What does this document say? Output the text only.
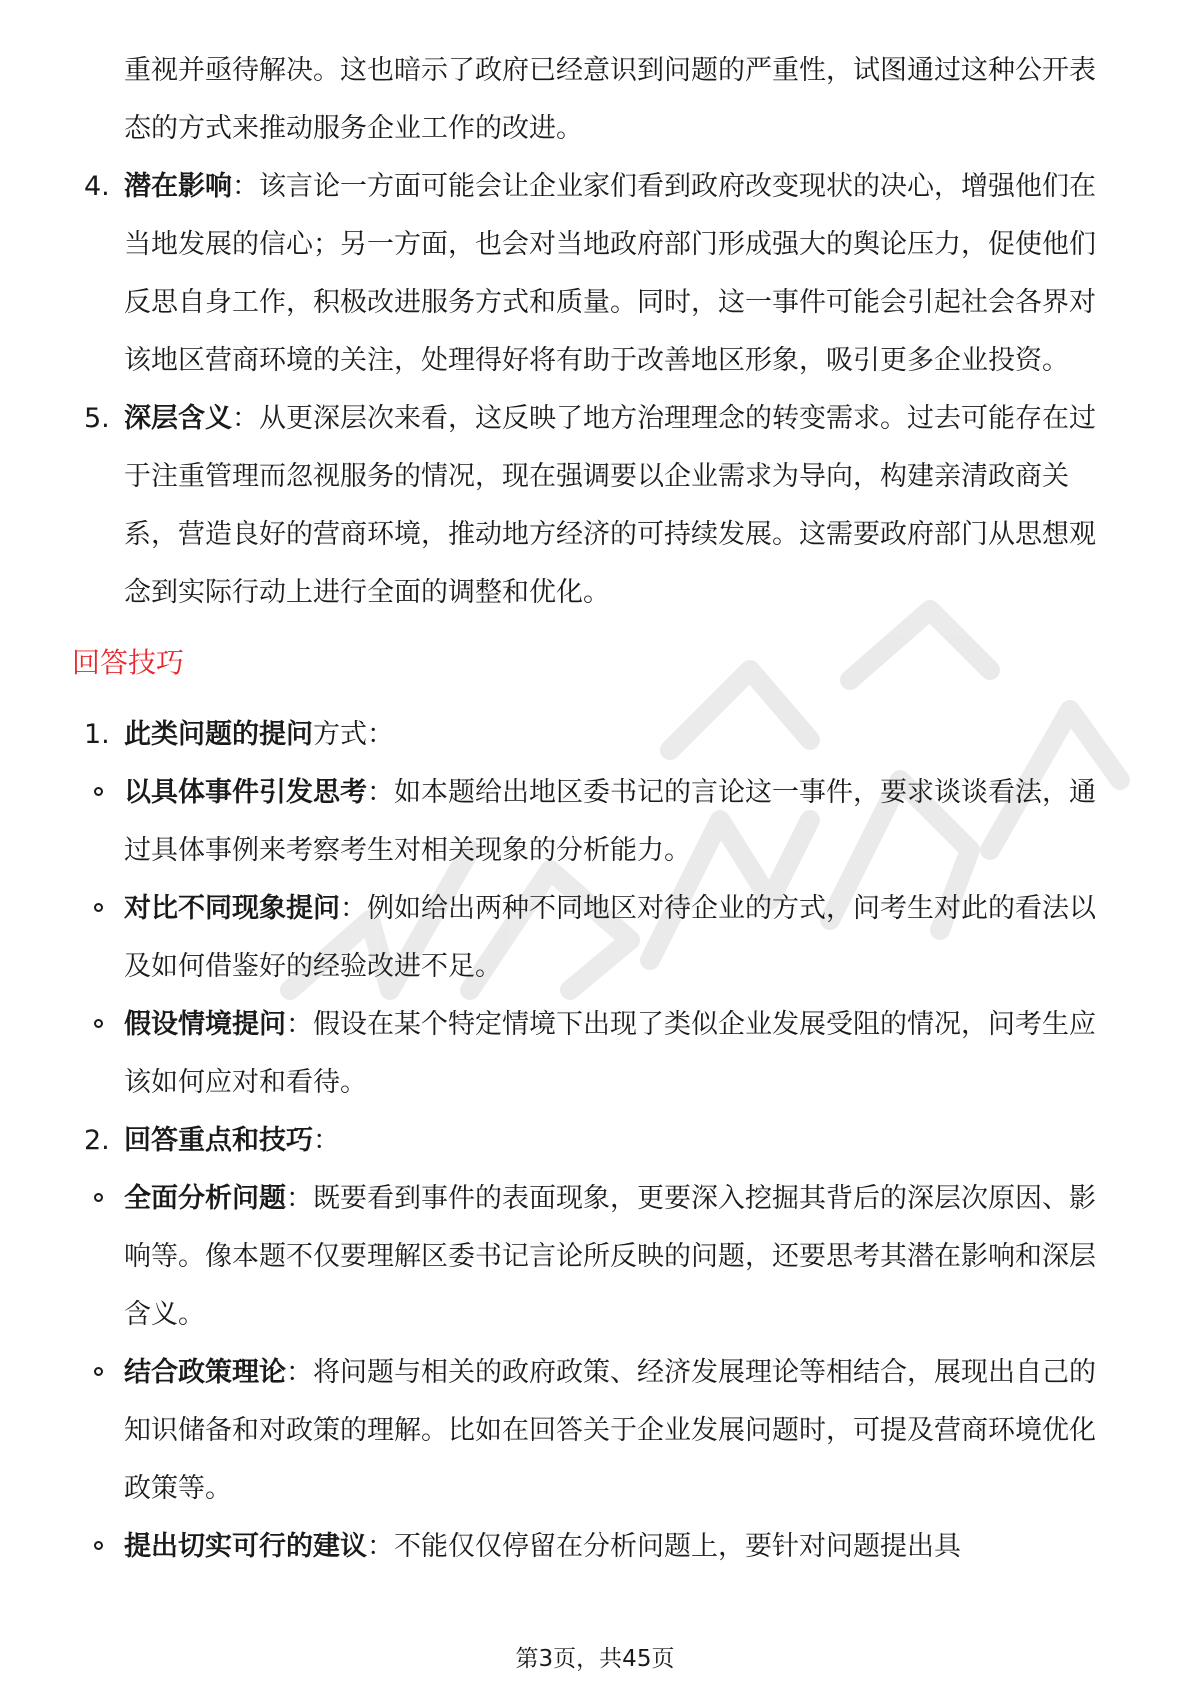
重视并亟待解决。这也暗示了政府已经意识到问题的严重性，试图通过这种公开表态的方式来推动服务企业工作的改进。
4. 潜在影响：该言论一方面可能会让企业家们看到政府改变现状的决心，增强他们在当地发展的信心；另一方面，也会对当地政府部门形成强大的舆论压力，促使他们反思自身工作，积极改进服务方式和质量。同时，这一事件可能会引起社会各界对该地区营商环境的关注，处理得好将有助于改善地区形象，吸引更多企业投资。
5. 深层含义：从更深层次来看，这反映了地方治理理念的转变需求。过去可能存在过于注重管理而忽视服务的情况，现在强调要以企业需求为导向，构建亲清政商关系，营造良好的营商环境，推动地方经济的可持续发展。这需要政府部门从思想观念到实际行动上进行全面的调整和优化。
回答技巧
1. 此类问题的提问方式：
以具体事件引发思考：如本题给出地区委书记的言论这一事件，要求谈谈看法，通过具体事例来考察考生对相关现象的分析能力。
对比不同现象提问：例如给出两种不同地区对待企业的方式，问考生对此的看法以及如何借鉴好的经验改进不足。
假设情境提问：假设在某个特定情境下出现了类似企业发展受阻的情况，问考生应该如何应对和看待。
2. 回答重点和技巧：
全面分析问题：既要看到事件的表面现象，更要深入挖掘其背后的深层次原因、影响等。像本题不仅要理解区委书记言论所反映的问题，还要思考其潜在影响和深层含义。
结合政策理论：将问题与相关的政府政策、经济发展理论等相结合，展现出自己的知识储备和对政策的理解。比如在回答关于企业发展问题时，可提及营商环境优化政策等。
提出切实可行的建议：不能仅仅停留在分析问题上，要针对问题提出具
第3页，共45页
